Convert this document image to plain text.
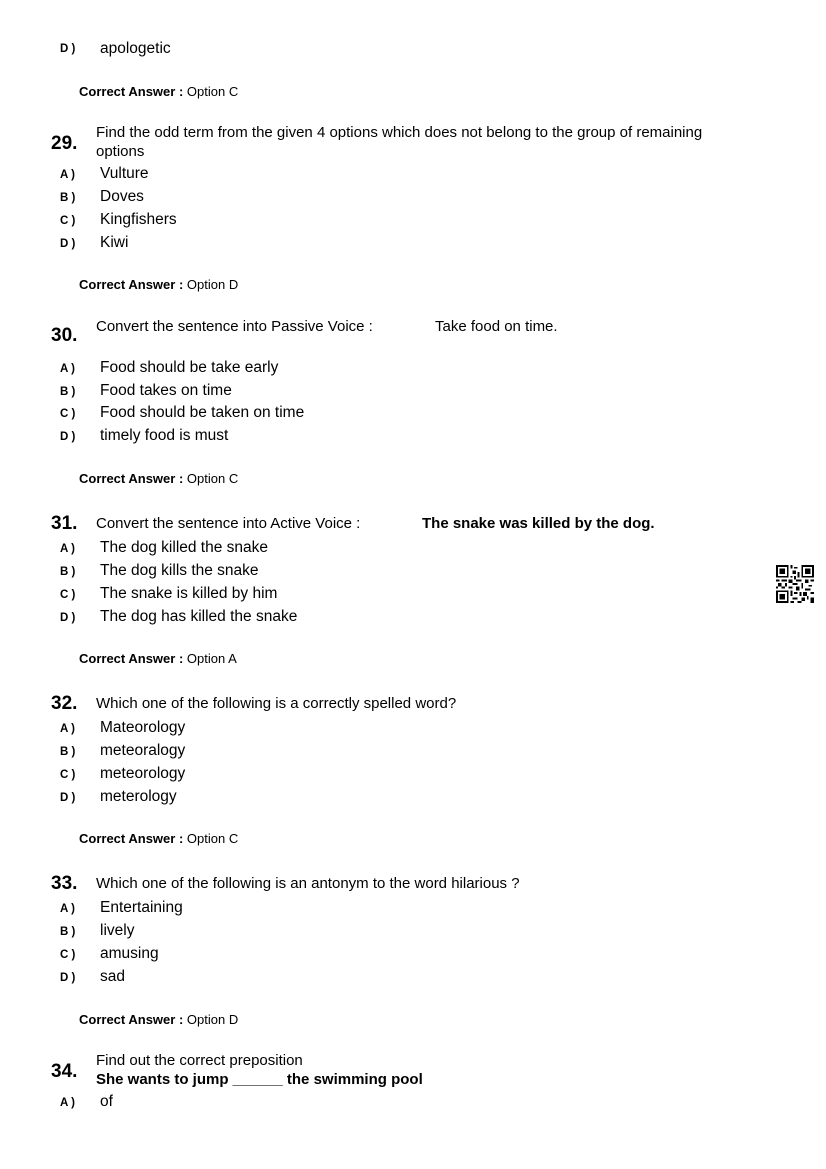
D ) apologetic
Correct Answer : Option C
29.
Find the odd term from the given 4 options which does not belong to the group of remaining
options
A ) Vulture
B ) Doves
C ) Kingfishers
D ) Kiwi
Correct Answer : Option D
30. Convert the sentence into Passive Voice :	Take food on time.
A ) Food should be take early
B ) Food takes on time
C ) Food should be taken on time
D ) timely food is must
Correct Answer : Option C
31. Convert the sentence into Active Voice :	The snake was killed by the dog.
A ) The dog killed the snake
B ) The dog kills the snake
C ) The snake is killed by him
D ) The dog has killed the snake
Correct Answer : Option A
32. Which one of the following is a correctly spelled word?
A ) Mateorology
B ) meteoralogy
C ) meteorology
D ) meterology
Correct Answer : Option C
33. Which one of the following is an antonym to the word hilarious ?
A ) Entertaining
B ) lively
C ) amusing
D ) sad
Correct Answer : Option D
34.
Find out the correct preposition
She wants to jump ______ the swimming pool
A ) of
